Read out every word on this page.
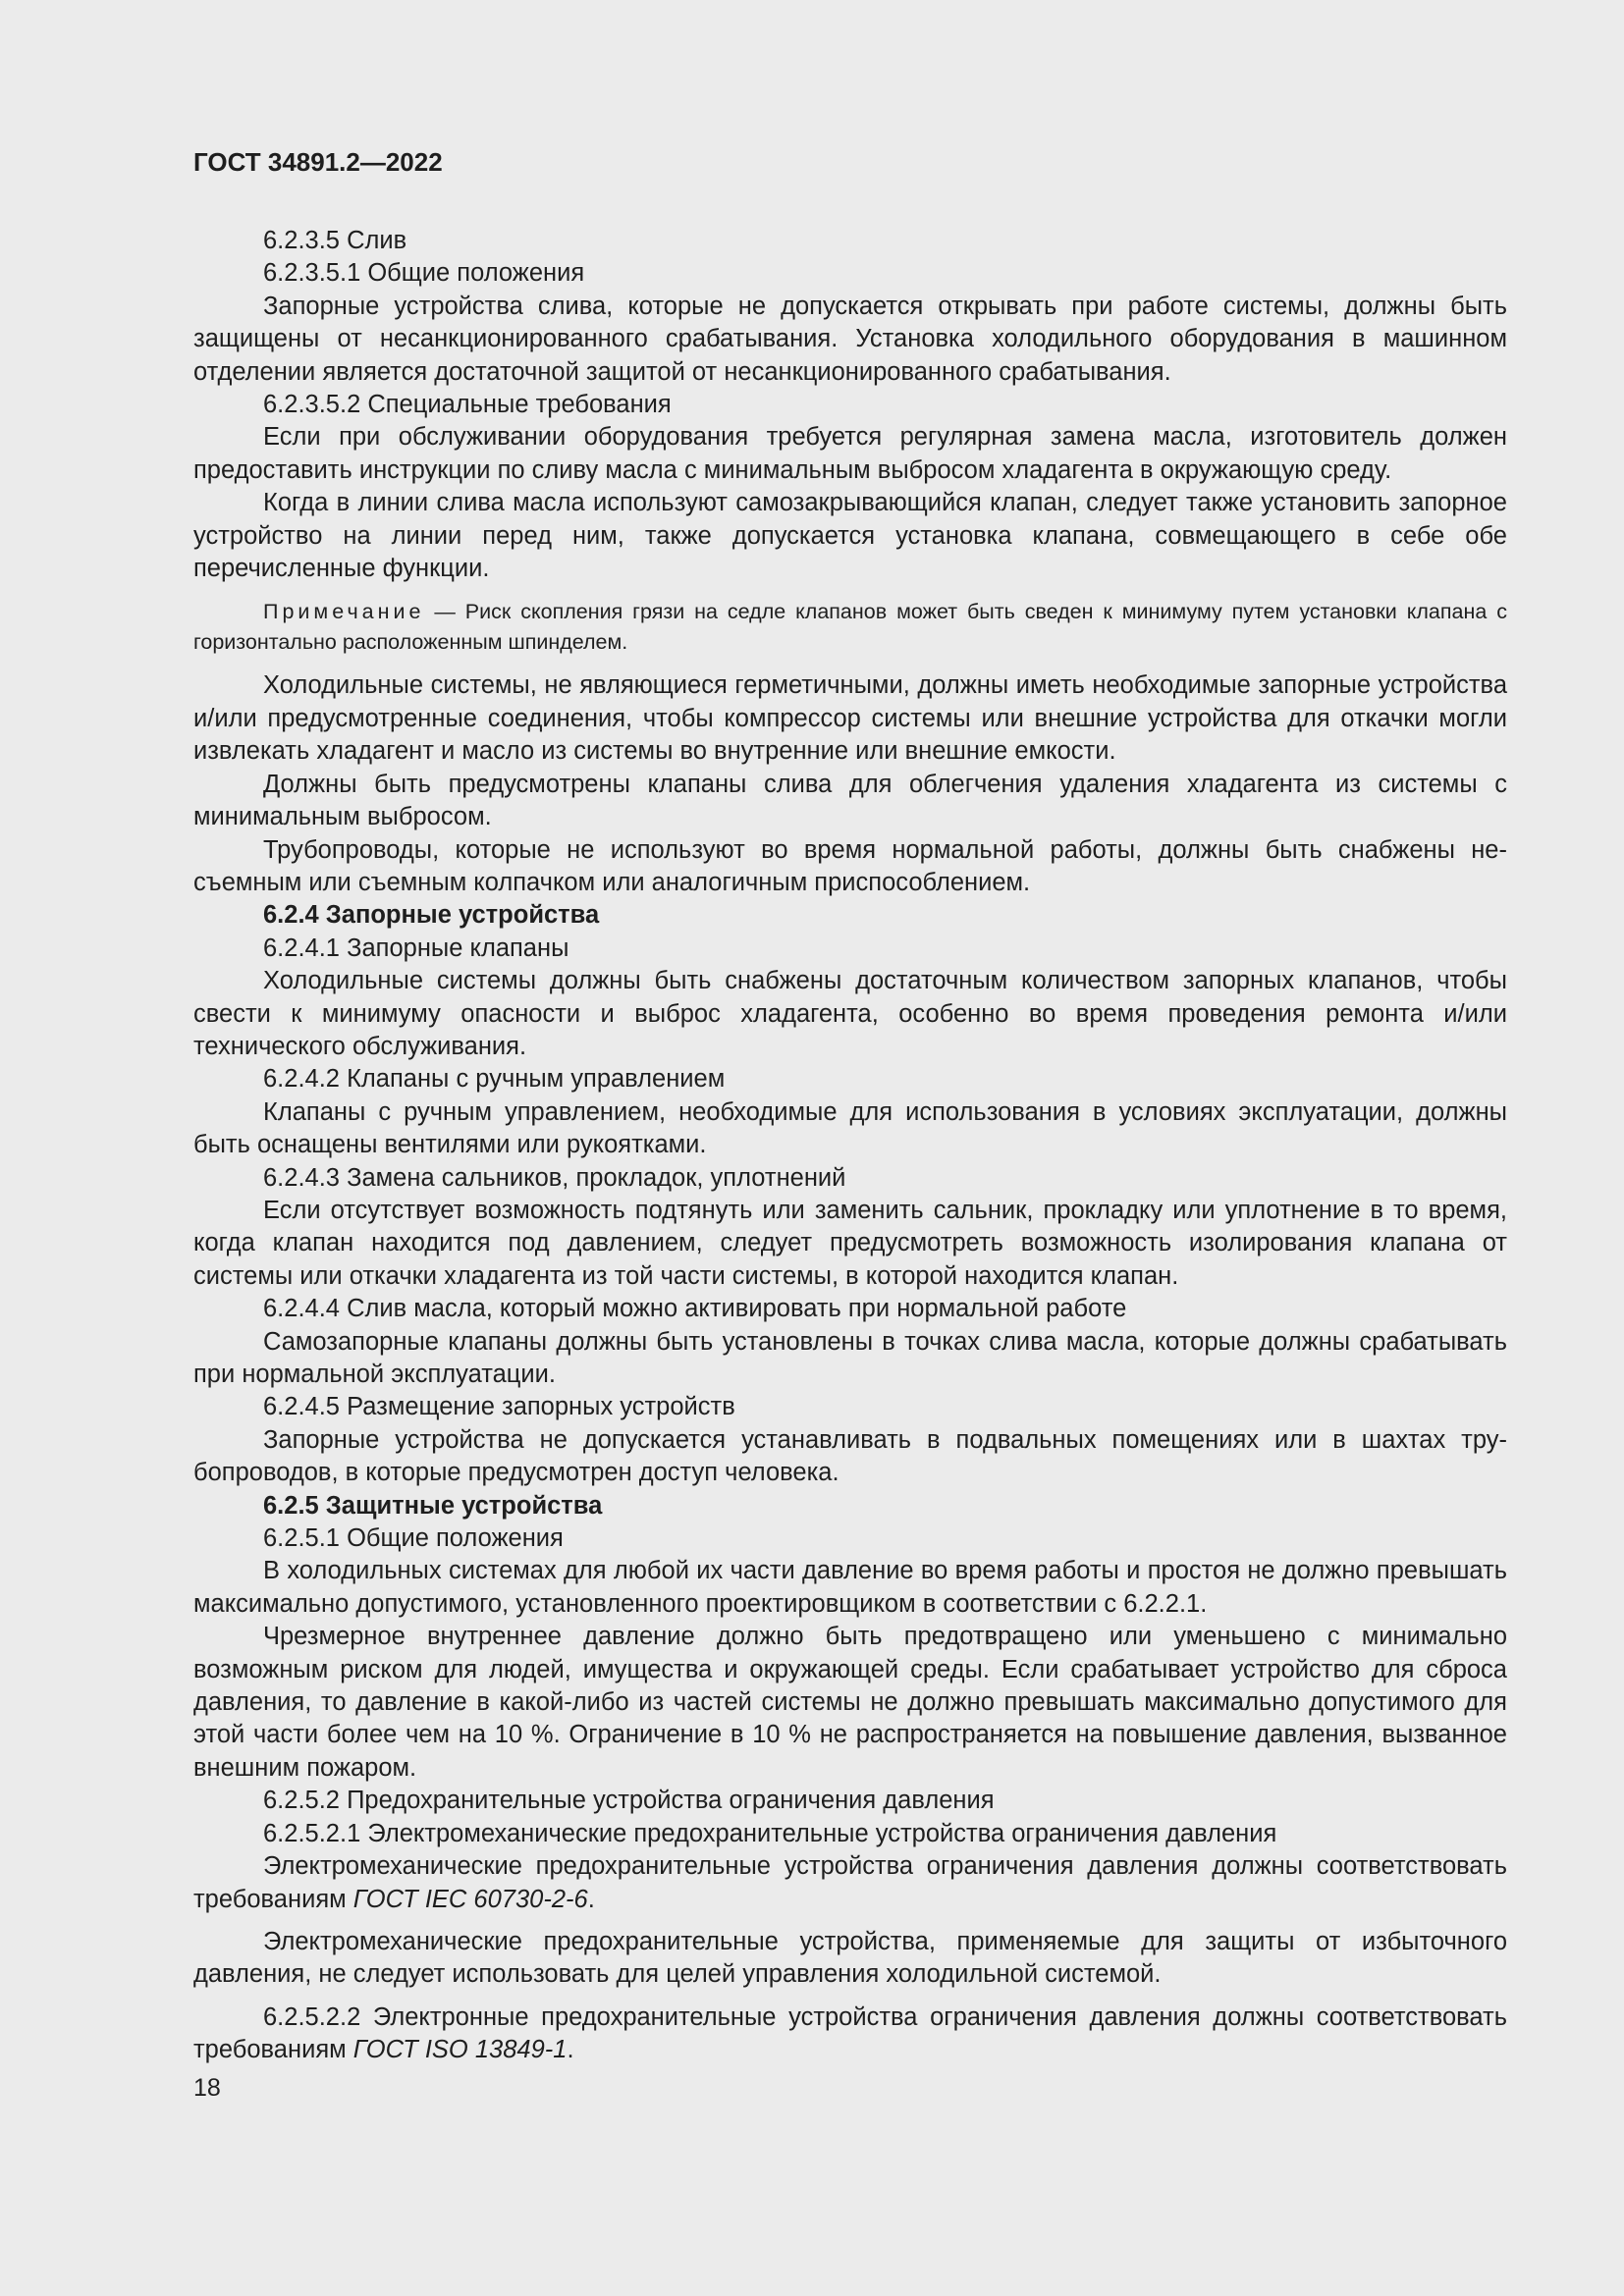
ГОСТ 34891.2—2022

6.2.3.5 Слив

6.2.3.5.1 Общие положения

Запорные устройства слива, которые не допускается открывать при работе системы, должны быть защищены от несанкционированного срабатывания. Установка холодильного оборудования в машинном отделении является достаточной защитой от несанкционированного срабатывания.

6.2.3.5.2 Специальные требования

Если при обслуживании оборудования требуется регулярная замена масла, изготовитель должен предоставить инструкции по сливу масла с минимальным выбросом хладагента в окружающую среду.

Когда в линии слива масла используют самозакрывающийся клапан, следует также установить запорное устройство на линии перед ним, также допускается установка клапана, совмещающего в себе обе перечисленные функции.

Примечание — Риск скопления грязи на седле клапанов может быть сведен к минимуму путем установки клапана с горизонтально расположенным шпинделем.

Холодильные системы, не являющиеся герметичными, должны иметь необходимые запорные устройства и/или предусмотренные соединения, чтобы компрессор системы или внешние устройства для откачки могли извлекать хладагент и масло из системы во внутренние или внешние емкости.

Должны быть предусмотрены клапаны слива для облегчения удаления хладагента из системы с минимальным выбросом.

Трубопроводы, которые не используют во время нормальной работы, должны быть снабжены несъемным или съемным колпачком или аналогичным приспособлением.

6.2.4 Запорные устройства

6.2.4.1 Запорные клапаны

Холодильные системы должны быть снабжены достаточным количеством запорных клапанов, чтобы свести к минимуму опасности и выброс хладагента, особенно во время проведения ремонта и/или технического обслуживания.

6.2.4.2 Клапаны с ручным управлением

Клапаны с ручным управлением, необходимые для использования в условиях эксплуатации, должны быть оснащены вентилями или рукоятками.

6.2.4.3 Замена сальников, прокладок, уплотнений

Если отсутствует возможность подтянуть или заменить сальник, прокладку или уплотнение в то время, когда клапан находится под давлением, следует предусмотреть возможность изолирования клапана от системы или откачки хладагента из той части системы, в которой находится клапан.

6.2.4.4 Слив масла, который можно активировать при нормальной работе

Самозапорные клапаны должны быть установлены в точках слива масла, которые должны срабатывать при нормальной эксплуатации.

6.2.4.5 Размещение запорных устройств

Запорные устройства не допускается устанавливать в подвальных помещениях или в шахтах трубопроводов, в которые предусмотрен доступ человека.

6.2.5 Защитные устройства

6.2.5.1 Общие положения

В холодильных системах для любой их части давление во время работы и простоя не должно превышать максимально допустимого, установленного проектировщиком в соответствии с 6.2.2.1.

Чрезмерное внутреннее давление должно быть предотвращено или уменьшено с минимально возможным риском для людей, имущества и окружающей среды. Если срабатывает устройство для сброса давления, то давление в какой-либо из частей системы не должно превышать максимально допустимого для этой части более чем на 10 %. Ограничение в 10 % не распространяется на повышение давления, вызванное внешним пожаром.

6.2.5.2 Предохранительные устройства ограничения давления

6.2.5.2.1 Электромеханические предохранительные устройства ограничения давления

Электромеханические предохранительные устройства ограничения давления должны соответствовать требованиям ГОСТ IEC 60730-2-6.

Электромеханические предохранительные устройства, применяемые для защиты от избыточного давления, не следует использовать для целей управления холодильной системой.

6.2.5.2.2 Электронные предохранительные устройства ограничения давления должны соответствовать требованиям ГОСТ ISO 13849-1.

18
